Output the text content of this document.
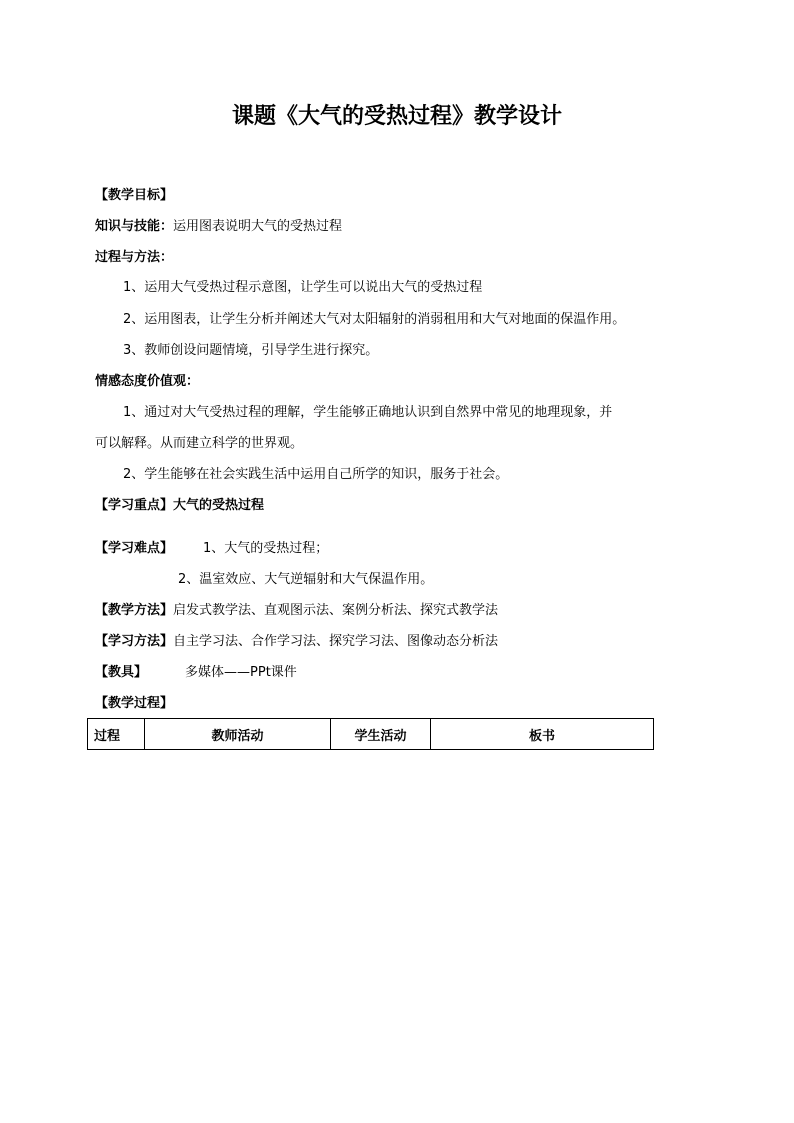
课题《大气的受热过程》教学设计

【教学目标】

知识与技能：运用图表说明大气的受热过程

过程与方法：

1、运用大气受热过程示意图，让学生可以说出大气的受热过程

2、运用图表，让学生分析并阐述大气对太阳辐射的消弱租用和大气对地面的保温作用。

3、教师创设问题情境，引导学生进行探究。

情感态度价值观：

1、通过对大气受热过程的理解，学生能够正确地认识到自然界中常见的地理现象，并

可以解释。从而建立科学的世界观。

2、学生能够在社会实践生活中运用自己所学的知识，服务于社会。

【学习重点】大气的受热过程

【学习难点】 1、大气的受热过程；

2、温室效应、大气逆辐射和大气保温作用。

【教学方法】启发式教学法、直观图示法、案例分析法、探究式教学法

【学习方法】自主学习法、合作学习法、探究学习法、图像动态分析法

【教具】	多媒体——PPt课件

【教学过程】

过程	教师活动	学生活动	板书
